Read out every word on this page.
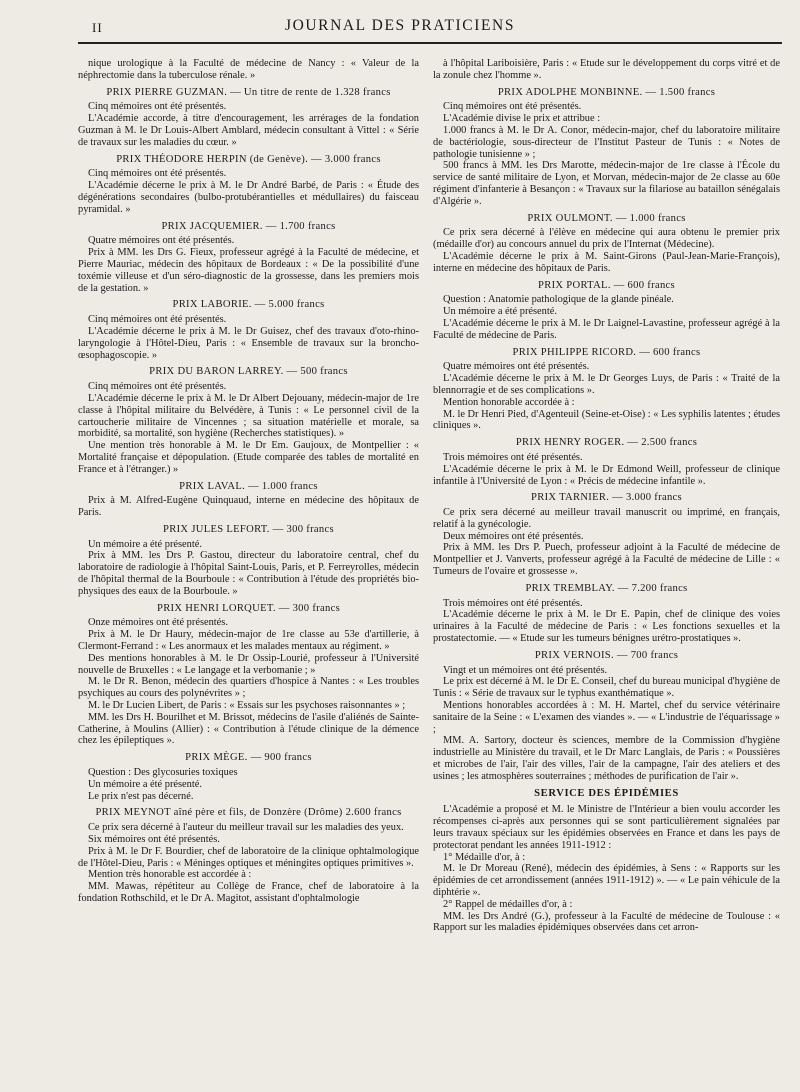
II	JOURNAL DES PRATICIENS

nique urologique à la Faculté de médecine de Nancy : « Valeur de la néphrectomie dans la tuberculose rénale. »

PRIX PIERRE GUZMAN. — Un titre de rente de 1.328 francs

Cinq mémoires ont été présentés.

L'Académie accorde, à titre d'encouragement, les arrérages de la fondation Guzman à M. le Dr Louis-Albert Amblard, médecin consultant à Vittel : « Série de travaux sur les maladies du cœur. »

PRIX THÉODORE HERPIN (de Genève). — 3.000 francs

Cinq mémoires ont été présentés.

L'Académie décerne le prix à M. le Dr André Barbé, de Paris : « Étude des dégénérations secondaires (bulbo-protubérantielles et médullaires) du faisceau pyramidal. »

PRIX JACQUEMIER. — 1.700 francs

Quatre mémoires ont été présentés.

Prix à MM. les Drs G. Fieux, professeur agrégé à la Faculté de médecine, et Pierre Mauriac, médecin des hôpitaux de Bordeaux : « De la possibilité d'une toxémie villeuse et d'un séro-diagnostic de la grossesse, dans les premiers mois de la gestation. »

PRIX LABORIE. — 5.000 francs

Cinq mémoires ont été présentés.

L'Académie décerne le prix à M. le Dr Guisez, chef des travaux d'oto-rhino-laryngologie à l'Hôtel-Dieu, Paris : « Ensemble de travaux sur la broncho-œsophagoscopie. »

PRIX DU BARON LARREY. — 500 francs

Cinq mémoires ont été présentés.

L'Académie décerne le prix à M. le Dr Albert Dejouany, médecin-major de 1re classe à l'hôpital militaire du Belvédère, à Tunis : « Le personnel civil de la cartoucherie militaire de Vincennes ; sa situation matérielle et morale, sa morbidité, sa mortalité, son hygiène (Recherches statistiques). »

Une mention très honorable à M. le Dr Em. Gaujoux, de Montpellier : « Mortalité française et dépopulation. (Etude comparée des tables de mortalité en France et à l'étranger.) »

PRIX LAVAL. — 1.000 francs

Prix à M. Alfred-Eugène Quinquaud, interne en médecine des hôpitaux de Paris.

PRIX JULES LEFORT. — 300 francs

Un mémoire a été présenté.

Prix à MM. les Drs P. Gastou, directeur du laboratoire central, chef du laboratoire de radiologie à l'hôpital Saint-Louis, Paris, et P. Ferreyrolles, médecin de l'hôpital thermal de la Bourboule : « Contribution à l'étude des propriétés bio-physiques des eaux de la Bourboule. »

PRIX HENRI LORQUET. — 300 francs

Onze mémoires ont été présentés.

Prix à M. le Dr Haury, médecin-major de 1re classe au 53e d'artillerie, à Clermont-Ferrand : « Les anormaux et les malades mentaux au régiment. »

Des mentions honorables à M. le Dr Ossip-Lourié, professeur à l'Université nouvelle de Bruxelles : « Le langage et la verbomanie ; »

M. le Dr R. Benon, médecin des quartiers d'hospice à Nantes : « Les troubles psychiques au cours des polynévrites » ;

M. le Dr Lucien Libert, de Paris : « Essais sur les psychoses raisonnantes » ;

MM. les Drs H. Bourilhet et M. Brissot, médecins de l'asile d'aliénés de Sainte-Catherine, à Moulins (Allier) : « Contribution à l'étude clinique de la démence chez les épileptiques ».

PRIX MÈGE. — 900 francs

Question : Des glycosuries toxiques

Un mémoire a été présenté.

Le prix n'est pas décerné.

PRIX MEYNOT aîné père et fils, de Donzère (Drôme) 2.600 francs

Ce prix sera décerné à l'auteur du meilleur travail sur les maladies des yeux.

Six mémoires ont été présentés.

Prix à M. le Dr F. Bourdier, chef de laboratoire de la clinique ophtalmologique de l'Hôtel-Dieu, Paris : « Méninges optiques et méningites optiques primitives ».

Mention très honorable est accordée à :

MM. Mawas, répétiteur au Collège de France, chef de laboratoire à la fondation Rothschild, et le Dr A. Magitot, assistant d'ophtalmologie

à l'hôpital Lariboisière, Paris : « Etude sur le développement du corps vitré et de la zonule chez l'homme ».

PRIX ADOLPHE MONBINNE. — 1.500 francs

Cinq mémoires ont été présentés.

L'Académie divise le prix et attribue :

1.000 francs à M. le Dr A. Conor, médecin-major, chef du laboratoire militaire de bactériologie, sous-directeur de l'Institut Pasteur de Tunis : « Notes de pathologie tunisienne » ;

500 francs à MM. les Drs Marotte, médecin-major de 1re classe à l'École du service de santé militaire de Lyon, et Morvan, médecin-major de 2e classe au 60e régiment d'infanterie à Besançon : « Travaux sur la filariose au bataillon sénégalais d'Algérie ».

PRIX OULMONT. — 1.000 francs

Ce prix sera décerné à l'élève en médecine qui aura obtenu le premier prix (médaille d'or) au concours annuel du prix de l'Internat (Médecine).

L'Académie décerne le prix à M. Saint-Girons (Paul-Jean-Marie-François), interne en médecine des hôpitaux de Paris.

PRIX PORTAL. — 600 francs

Question : Anatomie pathologique de la glande pinéale.

Un mémoire a été présenté.

L'Académie décerne le prix à M. le Dr Laignel-Lavastine, professeur agrégé à la Faculté de médecine de Paris.

PRIX PHILIPPE RICORD. — 600 francs

Quatre mémoires ont été présentés.

L'Académie décerne le prix à M. le Dr Georges Luys, de Paris : « Traité de la blennorragie et de ses complications ».

Mention honorable accordée à :

M. le Dr Henri Pied, d'Agenteuil (Seine-et-Oise) : « Les syphilis latentes ; études cliniques ».

PRIX HENRY ROGER. — 2.500 francs

Trois mémoires ont été présentés.

L'Académie décerne le prix à M. le Dr Edmond Weill, professeur de clinique infantile à l'Université de Lyon : « Précis de médecine infantile ».

PRIX TARNIER. — 3.000 francs

Ce prix sera décerné au meilleur travail manuscrit ou imprimé, en français, relatif à la gynécologie.

Deux mémoires ont été présentés.

Prix à MM. les Drs P. Puech, professeur adjoint à la Faculté de médecine de Montpellier et J. Vanverts, professeur agrégé à la Faculté de médecine de Lille : « Tumeurs de l'ovaire et grossesse ».

PRIX TREMBLAY. — 7.200 francs

Trois mémoires ont été présentés.

L'Académie décerne le prix à M. le Dr E. Papin, chef de clinique des voies urinaires à la Faculté de médecine de Paris : « Les fonctions sexuelles et la prostatectomie. — « Etude sur les tumeurs bénignes urétro-prostatiques ».

PRIX VERNOIS. — 700 francs

Vingt et un mémoires ont été présentés.

Le prix est décerné à M. le Dr E. Conseil, chef du bureau municipal d'hygiène de Tunis : « Série de travaux sur le typhus exanthématique ».

Mentions honorables accordées à : M. H. Martel, chef du service vétérinaire sanitaire de la Seine : « L'examen des viandes ». — « L'industrie de l'équarissage » ;

MM. A. Sartory, docteur ès sciences, membre de la Commission d'hygiène industrielle au Ministère du travail, et le Dr Marc Langlais, de Paris : « Poussières et microbes de l'air, l'air des villes, l'air de la campagne, l'air des ateliers et des usines ; les atmosphères souterraines ; méthodes de purification de l'air ».

SERVICE DES ÉPIDÉMIES

L'Académie a proposé et M. le Ministre de l'Intérieur a bien voulu accorder les récompenses ci-après aux personnes qui se sont particulièrement signalées par leurs travaux spéciaux sur les épidémies observées en France et dans les pays de protectorat pendant les années 1911-1912 :

1° Médaille d'or, à :

M. le Dr Moreau (René), médecin des épidémies, à Sens : « Rapports sur les épidémies de cet arrondissement (années 1911-1912) ». — « Le pain véhicule de la diphtérie ».

2° Rappel de médailles d'or, à :

MM. les Drs André (G.), professeur à la Faculté de médecine de Toulouse : « Rapport sur les maladies épidémiques observées dans cet arron-
